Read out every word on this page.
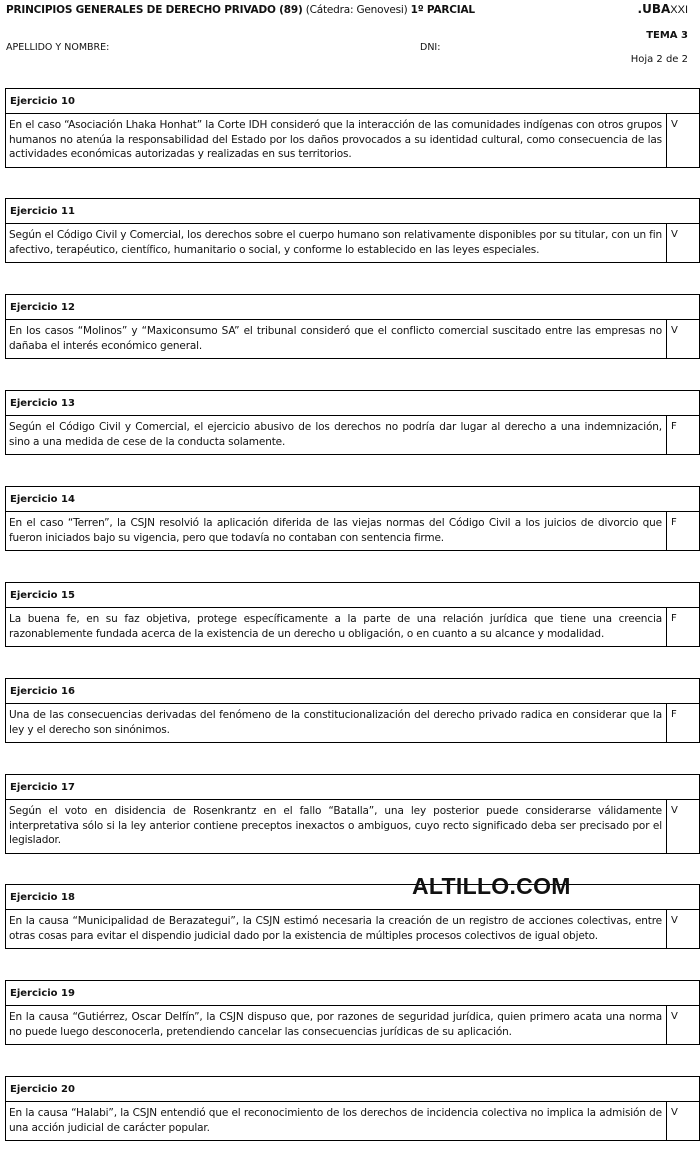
PRINCIPIOS GENERALES DE DERECHO PRIVADO (89) (Cátedra: Genovesi) 1º PARCIAL	.UBAXXI
TEMA 3
APELLIDO Y NOMBRE:	DNI:
Hoja 2 de 2
Ejercicio 10
En el caso “Asociación Lhaka Honhat” la Corte IDH consideró que la interacción de las comunidades indígenas con otros grupos humanos no atenúa la responsabilidad del Estado por los daños provocados a su identidad cultural, como consecuencia de las actividades económicas autorizadas y realizadas en sus territorios.
V
Ejercicio 11
Según el Código Civil y Comercial, los derechos sobre el cuerpo humano son relativamente disponibles por su titular, con un fin afectivo, terapéutico, científico, humanitario o social, y conforme lo establecido en las leyes especiales.
V
Ejercicio 12
En los casos “Molinos” y “Maxiconsumo SA” el tribunal consideró que el conflicto comercial suscitado entre las empresas no dañaba el interés económico general.
V
Ejercicio 13
Según el Código Civil y Comercial, el ejercicio abusivo de los derechos no podría dar lugar al derecho a una indemnización, sino a una medida de cese de la conducta solamente.
F
Ejercicio 14
En el caso “Terren”, la CSJN resolvió la aplicación diferida de las viejas normas del Código Civil a los juicios de divorcio que fueron iniciados bajo su vigencia, pero que todavía no contaban con sentencia firme.
F
Ejercicio 15
La buena fe, en su faz objetiva, protege específicamente a la parte de una relación jurídica que tiene una creencia razonablemente fundada acerca de la existencia de un derecho u obligación, o en cuanto a su alcance y modalidad.
F
Ejercicio 16
Una de las consecuencias derivadas del fenómeno de la constitucionalización del derecho privado radica en considerar que la ley y el derecho son sinónimos.
F
Ejercicio 17
Según el voto en disidencia de Rosenkrantz en el fallo “Batalla”, una ley posterior puede considerarse válidamente interpretativa sólo si la ley anterior contiene preceptos inexactos o ambiguos, cuyo recto significado deba ser precisado por el legislador.
V
Ejercicio 18
En la causa “Municipalidad de Berazategui”, la CSJN estimó necesaria la creación de un registro de acciones colectivas, entre otras cosas para evitar el dispendio judicial dado por la existencia de múltiples procesos colectivos de igual objeto.
V
Ejercicio 19
En la causa “Gutiérrez, Oscar Delfín”, la CSJN dispuso que, por razones de seguridad jurídica, quien primero acata una norma no puede luego desconocerla, pretendiendo cancelar las consecuencias jurídicas de su aplicación.
V
Ejercicio 20
En la causa “Halabi”, la CSJN entendió que el reconocimiento de los derechos de incidencia colectiva no implica la admisión de una acción judicial de carácter popular.
V
ALTILLO.COM
